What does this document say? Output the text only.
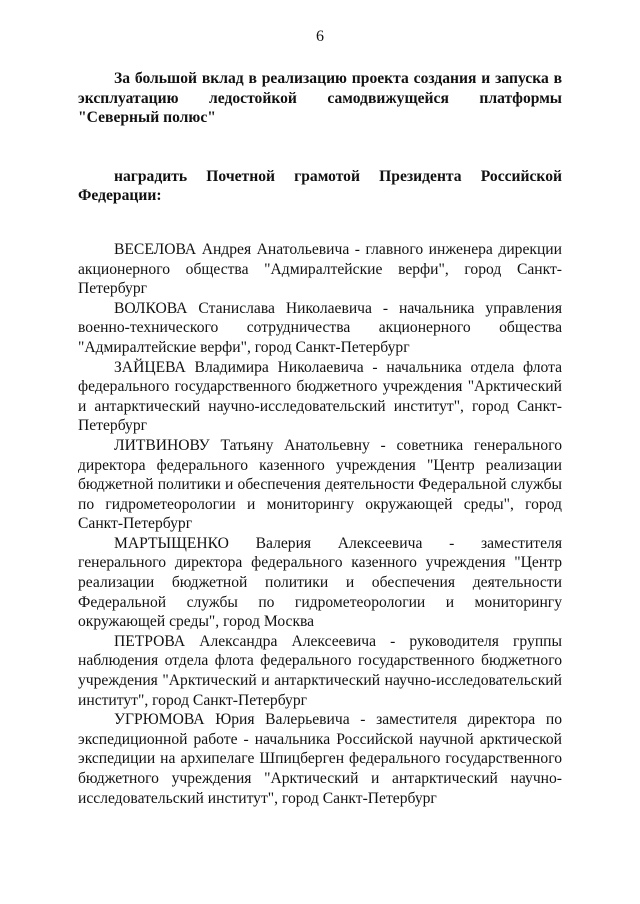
6

За большой вклад в реализацию проекта создания и запуска в эксплуатацию ледостойкой самодвижущейся платформы "Северный полюс"

наградить Почетной грамотой Президента Российской Федерации:

ВЕСЕЛОВА Андрея Анатольевича - главного инженера дирекции акционерного общества "Адмиралтейские верфи", город Санкт-Петербург

ВОЛКОВА Станислава Николаевича - начальника управления военно-технического сотрудничества акционерного общества "Адмиралтейские верфи", город Санкт-Петербург

ЗАЙЦЕВА Владимира Николаевича - начальника отдела флота федерального государственного бюджетного учреждения "Арктический и антарктический научно-исследовательский институт", город Санкт-Петербург

ЛИТВИНОВУ Татьяну Анатольевну - советника генерального директора федерального казенного учреждения "Центр реализации бюджетной политики и обеспечения деятельности Федеральной службы по гидрометеорологии и мониторингу окружающей среды", город Санкт-Петербург

МАРТЫЩЕНКО Валерия Алексеевича - заместителя генерального директора федерального казенного учреждения "Центр реализации бюджетной политики и обеспечения деятельности Федеральной службы по гидрометеорологии и мониторингу окружающей среды", город Москва

ПЕТРОВА Александра Алексеевича - руководителя группы наблюдения отдела флота федерального государственного бюджетного учреждения "Арктический и антарктический научно-исследовательский институт", город Санкт-Петербург

УГРЮМОВА Юрия Валерьевича - заместителя директора по экспедиционной работе - начальника Российской научной арктической экспедиции на архипелаге Шпицберген федерального государственного бюджетного учреждения "Арктический и антарктический научно-исследовательский институт", город Санкт-Петербург
